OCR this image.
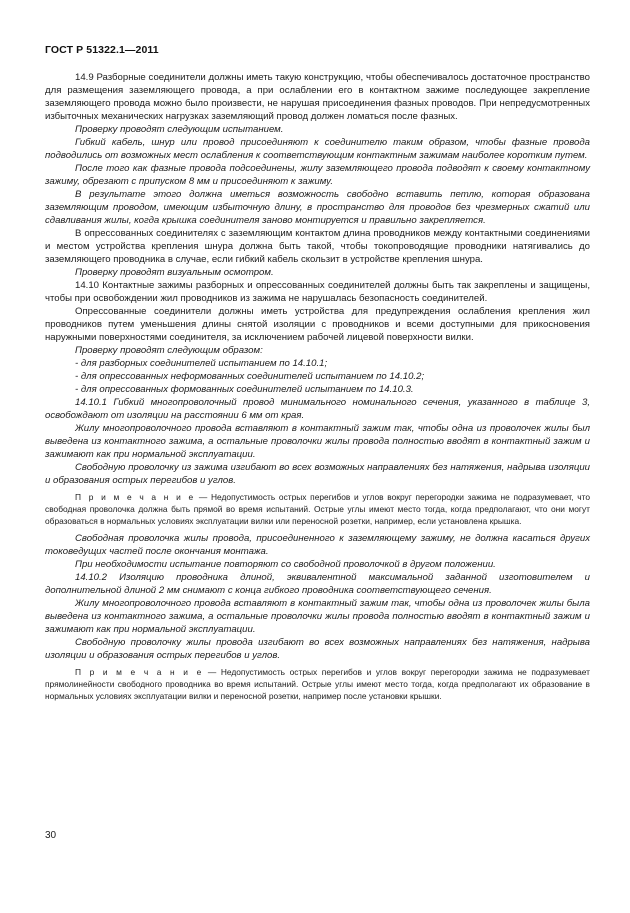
ГОСТ Р 51322.1—2011

14.9 Разборные соединители должны иметь такую конструкцию, чтобы обеспечивалось достаточное пространство для размещения заземляющего провода, а при ослаблении его в контактном зажиме последующее закрепление заземляющего провода можно было произвести, не нарушая присоединения фазных проводов. При непредусмотренных избыточных механических нагрузках заземляющий провод должен ломаться после фазных.

Проверку проводят следующим испытанием.

Гибкий кабель, шнур или провод присоединяют к соединителю таким образом, чтобы фазные провода подводились от возможных мест ослабления к соответствующим контактным зажимам наиболее коротким путем.

После того как фазные провода подсоединены, жилу заземляющего провода подводят к своему контактному зажиму, обрезают с припуском 8 мм и присоединяют к зажиму.

В результате этого должна иметься возможность свободно вставить петлю, которая образована заземляющим проводом, имеющим избыточную длину, в пространство для проводов без чрезмерных сжатий или сдавливания жилы, когда крышка соединителя заново монтируется и правильно закрепляется.

В опрессованных соединителях с заземляющим контактом длина проводников между контактными соединениями и местом устройства крепления шнура должна быть такой, чтобы токопроводящие проводники натягивались до заземляющего проводника в случае, если гибкий кабель скользит в устройстве крепления шнура.

Проверку проводят визуальным осмотром.

14.10 Контактные зажимы разборных и опрессованных соединителей должны быть так закреплены и защищены, чтобы при освобождении жил проводников из зажима не нарушалась безопасность соединителей.

Опрессованные соединители должны иметь устройства для предупреждения ослабления крепления жил проводников путем уменьшения длины снятой изоляции с проводников и всеми доступными для прикосновения наружными поверхностями соединителя, за исключением рабочей лицевой поверхности вилки.

Проверку проводят следующим образом:

- для разборных соединителей испытанием по 14.10.1;

- для опрессованных неформованных соединителей испытанием по 14.10.2;

- для опрессованных формованных соединителей испытанием по 14.10.3.

14.10.1 Гибкий многопроволочный провод минимального номинального сечения, указанного в таблице 3, освобождают от изоляции на расстоянии 6 мм от края.

Жилу многопроволочного провода вставляют в контактный зажим так, чтобы одна из проволочек жилы был выведена из контактного зажима, а остальные проволочки жилы провода полностью вводят в контактный зажим и зажимают как при нормальной эксплуатации.

Свободную проволочку из зажима изгибают во всех возможных направлениях без натяжения, надрыва изоляции и образования острых перегибов и углов.

П р и м е ч а н и е — Недопустимость острых перегибов и углов вокруг перегородки зажима не подразумевает, что свободная проволочка должна быть прямой во время испытаний. Острые углы имеют место тогда, когда предполагают, что они могут образоваться в нормальных условиях эксплуатации вилки или переносной розетки, например, если установлена крышка.

Свободная проволочка жилы провода, присоединенного к заземляющему зажиму, не должна касаться других токоведущих частей после окончания монтажа.

При необходимости испытание повторяют со свободной проволочкой в другом положении.

14.10.2 Изоляцию проводника длиной, эквивалентной максимальной заданной изготовителем и дополнительной длиной 2 мм снимают с конца гибкого проводника соответствующего сечения.

Жилу многопроволочного провода вставляют в контактный зажим так, чтобы одна из проволочек жилы была выведена из контактного зажима, а остальные проволочки жилы провода полностью вводят в контактный зажим и зажимают как при нормальной эксплуатации.

Свободную проволочку жилы провода изгибают во всех возможных направлениях без натяжения, надрыва изоляции и образования острых перегибов и углов.

П р и м е ч а н и е — Недопустимость острых перегибов и углов вокруг перегородки зажима не подразумевает прямолинейности свободного проводника во время испытаний. Острые углы имеют место тогда, когда предполагают их образование в нормальных условиях эксплуатации вилки и переносной розетки, например после установки крышки.

30
